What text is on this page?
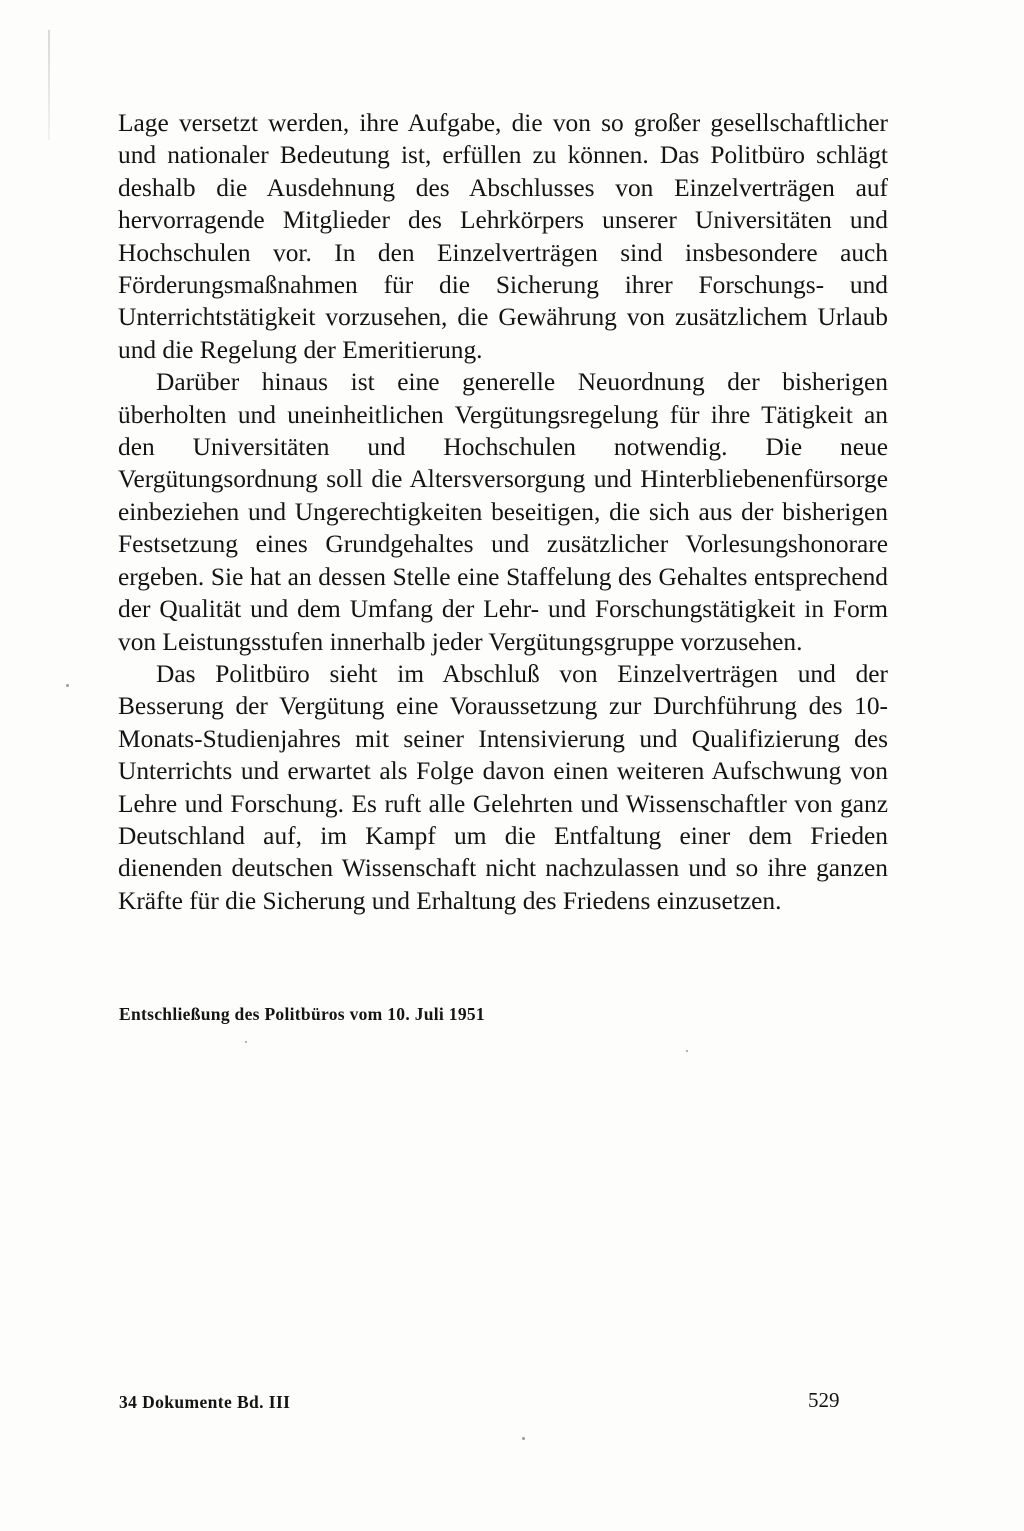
Lage versetzt werden, ihre Aufgabe, die von so großer gesellschaftlicher und nationaler Bedeutung ist, erfüllen zu können. Das Politbüro schlägt deshalb die Ausdehnung des Abschlusses von Einzelverträgen auf hervorragende Mitglieder des Lehrkörpers unserer Universitäten und Hochschulen vor. In den Einzelverträgen sind insbesondere auch Förderungsmaßnahmen für die Sicherung ihrer Forschungs- und Unterrichtstätigkeit vorzusehen, die Gewährung von zusätzlichem Urlaub und die Regelung der Emeritierung.

Darüber hinaus ist eine generelle Neuordnung der bisherigen überholten und uneinheitlichen Vergütungsregelung für ihre Tätigkeit an den Universitäten und Hochschulen notwendig. Die neue Vergütungsordnung soll die Altersversorgung und Hinterbliebenenfürsorge einbeziehen und Ungerechtigkeiten beseitigen, die sich aus der bisherigen Festsetzung eines Grundgehaltes und zusätzlicher Vorlesungshonorare ergeben. Sie hat an dessen Stelle eine Staffelung des Gehaltes entsprechend der Qualität und dem Umfang der Lehr- und Forschungstätigkeit in Form von Leistungsstufen innerhalb jeder Vergütungsgruppe vorzusehen.

Das Politbüro sieht im Abschluß von Einzelverträgen und der Besserung der Vergütung eine Voraussetzung zur Durchführung des 10-Monats-Studienjahres mit seiner Intensivierung und Qualifizierung des Unterrichts und erwartet als Folge davon einen weiteren Aufschwung von Lehre und Forschung. Es ruft alle Gelehrten und Wissenschaftler von ganz Deutschland auf, im Kampf um die Entfaltung einer dem Frieden dienenden deutschen Wissenschaft nicht nachzulassen und so ihre ganzen Kräfte für die Sicherung und Erhaltung des Friedens einzusetzen.

Entschließung des Politbüros vom 10. Juli 1951

34 Dokumente Bd. III	529
